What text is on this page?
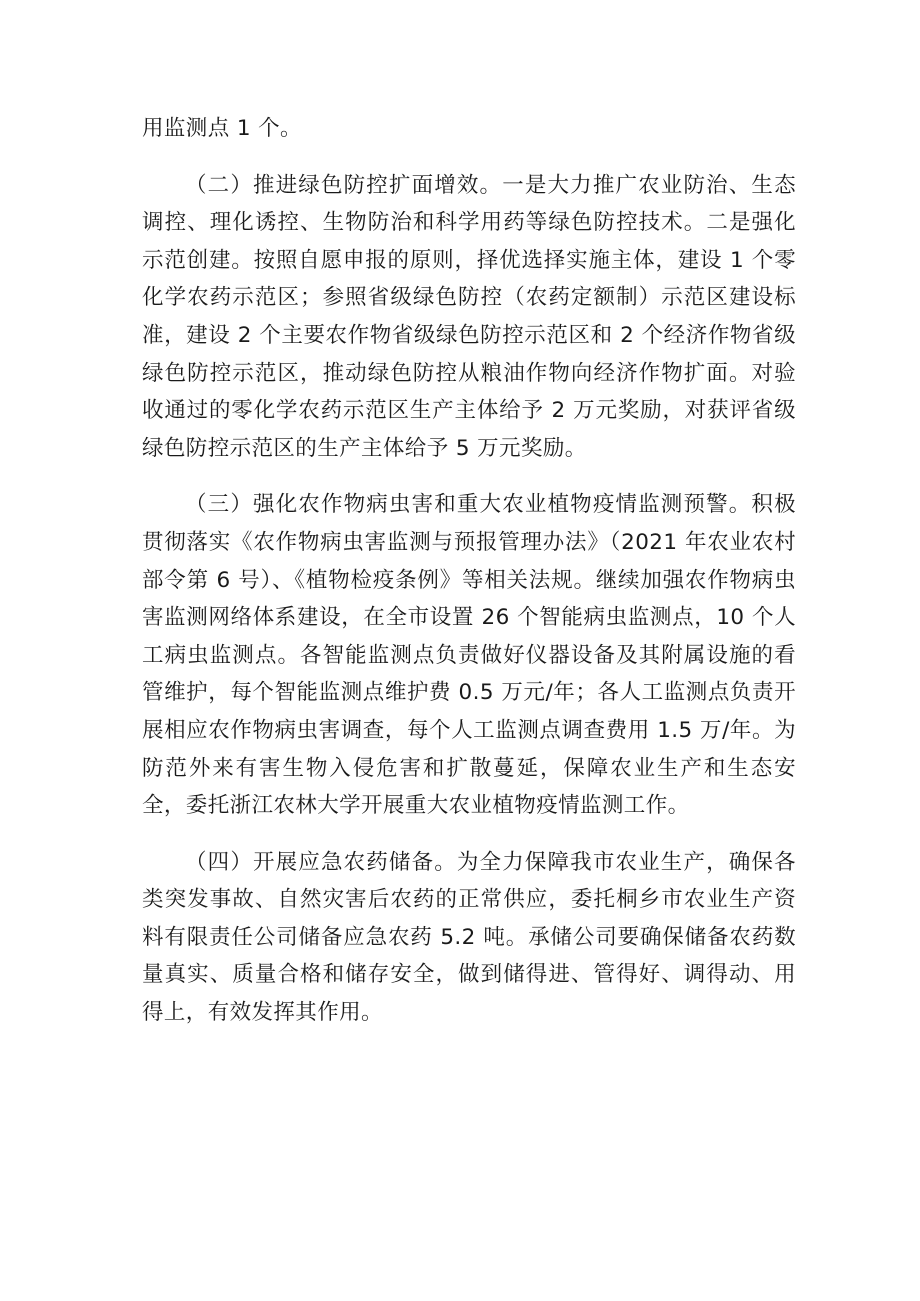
用监测点 1 个。

（二）推进绿色防控扩面增效。一是大力推广农业防治、生态调控、理化诱控、生物防治和科学用药等绿色防控技术。二是强化示范创建。按照自愿申报的原则，择优选择实施主体，建设 1 个零化学农药示范区；参照省级绿色防控（农药定额制）示范区建设标准，建设 2 个主要农作物省级绿色防控示范区和 2 个经济作物省级绿色防控示范区，推动绿色防控从粮油作物向经济作物扩面。对验收通过的零化学农药示范区生产主体给予 2 万元奖励，对获评省级绿色防控示范区的生产主体给予 5 万元奖励。

（三）强化农作物病虫害和重大农业植物疫情监测预警。积极贯彻落实《农作物病虫害监测与预报管理办法》（2021 年农业农村部令第 6 号）、《植物检疫条例》等相关法规。继续加强农作物病虫害监测网络体系建设，在全市设置 26 个智能病虫监测点，10 个人工病虫监测点。各智能监测点负责做好仪器设备及其附属设施的看管维护，每个智能监测点维护费 0.5 万元/年；各人工监测点负责开展相应农作物病虫害调查，每个人工监测点调查费用 1.5 万/年。为防范外来有害生物入侵危害和扩散蔓延，保障农业生产和生态安全，委托浙江农林大学开展重大农业植物疫情监测工作。

（四）开展应急农药储备。为全力保障我市农业生产，确保各类突发事故、自然灾害后农药的正常供应，委托桐乡市农业生产资料有限责任公司储备应急农药 5.2 吨。承储公司要确保储备农药数量真实、质量合格和储存安全，做到储得进、管得好、调得动、用得上，有效发挥其作用。
